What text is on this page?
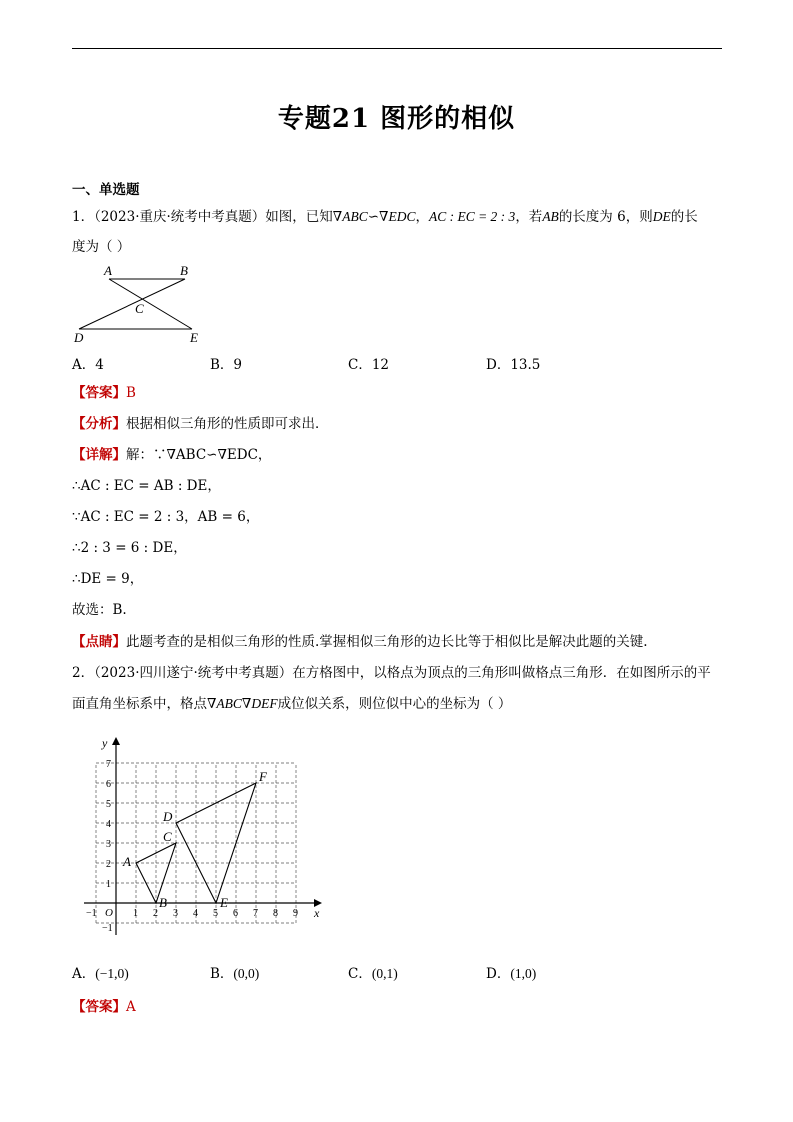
专题21 图形的相似
一、单选题
1．（2023·重庆·统考中考真题）如图，已知∇ABC∽∇EDC，AC : EC = 2 : 3，若AB的长度为 6，则DE的长
度为（ ）
A	B
C
D	E
A．4	B．9	C．12	D．13.5
【答案】B
【分析】根据相似三角形的性质即可求出．
【详解】解：∵∇ABC∽∇EDC，
∴AC : EC = AB : DE，
∵AC : EC = 2 : 3，AB = 6，
∴2 : 3 = 6 : DE，
∴DE = 9，
故选：B.
【点睛】此题考查的是相似三角形的性质.掌握相似三角形的边长比等于相似比是解决此题的关键.
2．（2023·四川遂宁·统考中考真题）在方格图中，以格点为顶点的三角形叫做格点三角形．在如图所示的平
面直角坐标系中，格点∇ABC∇DEF成位似关系，则位似中心的坐标为（ ）
x
y
O
−1	1 2 3 4 5 6 7 8 9
−1
1
2
3
4
5
6
7
A
B
C
D
E
F
A．(−1,0)	B．(0,0)	C．(0,1)	D．(1,0)
【答案】A
